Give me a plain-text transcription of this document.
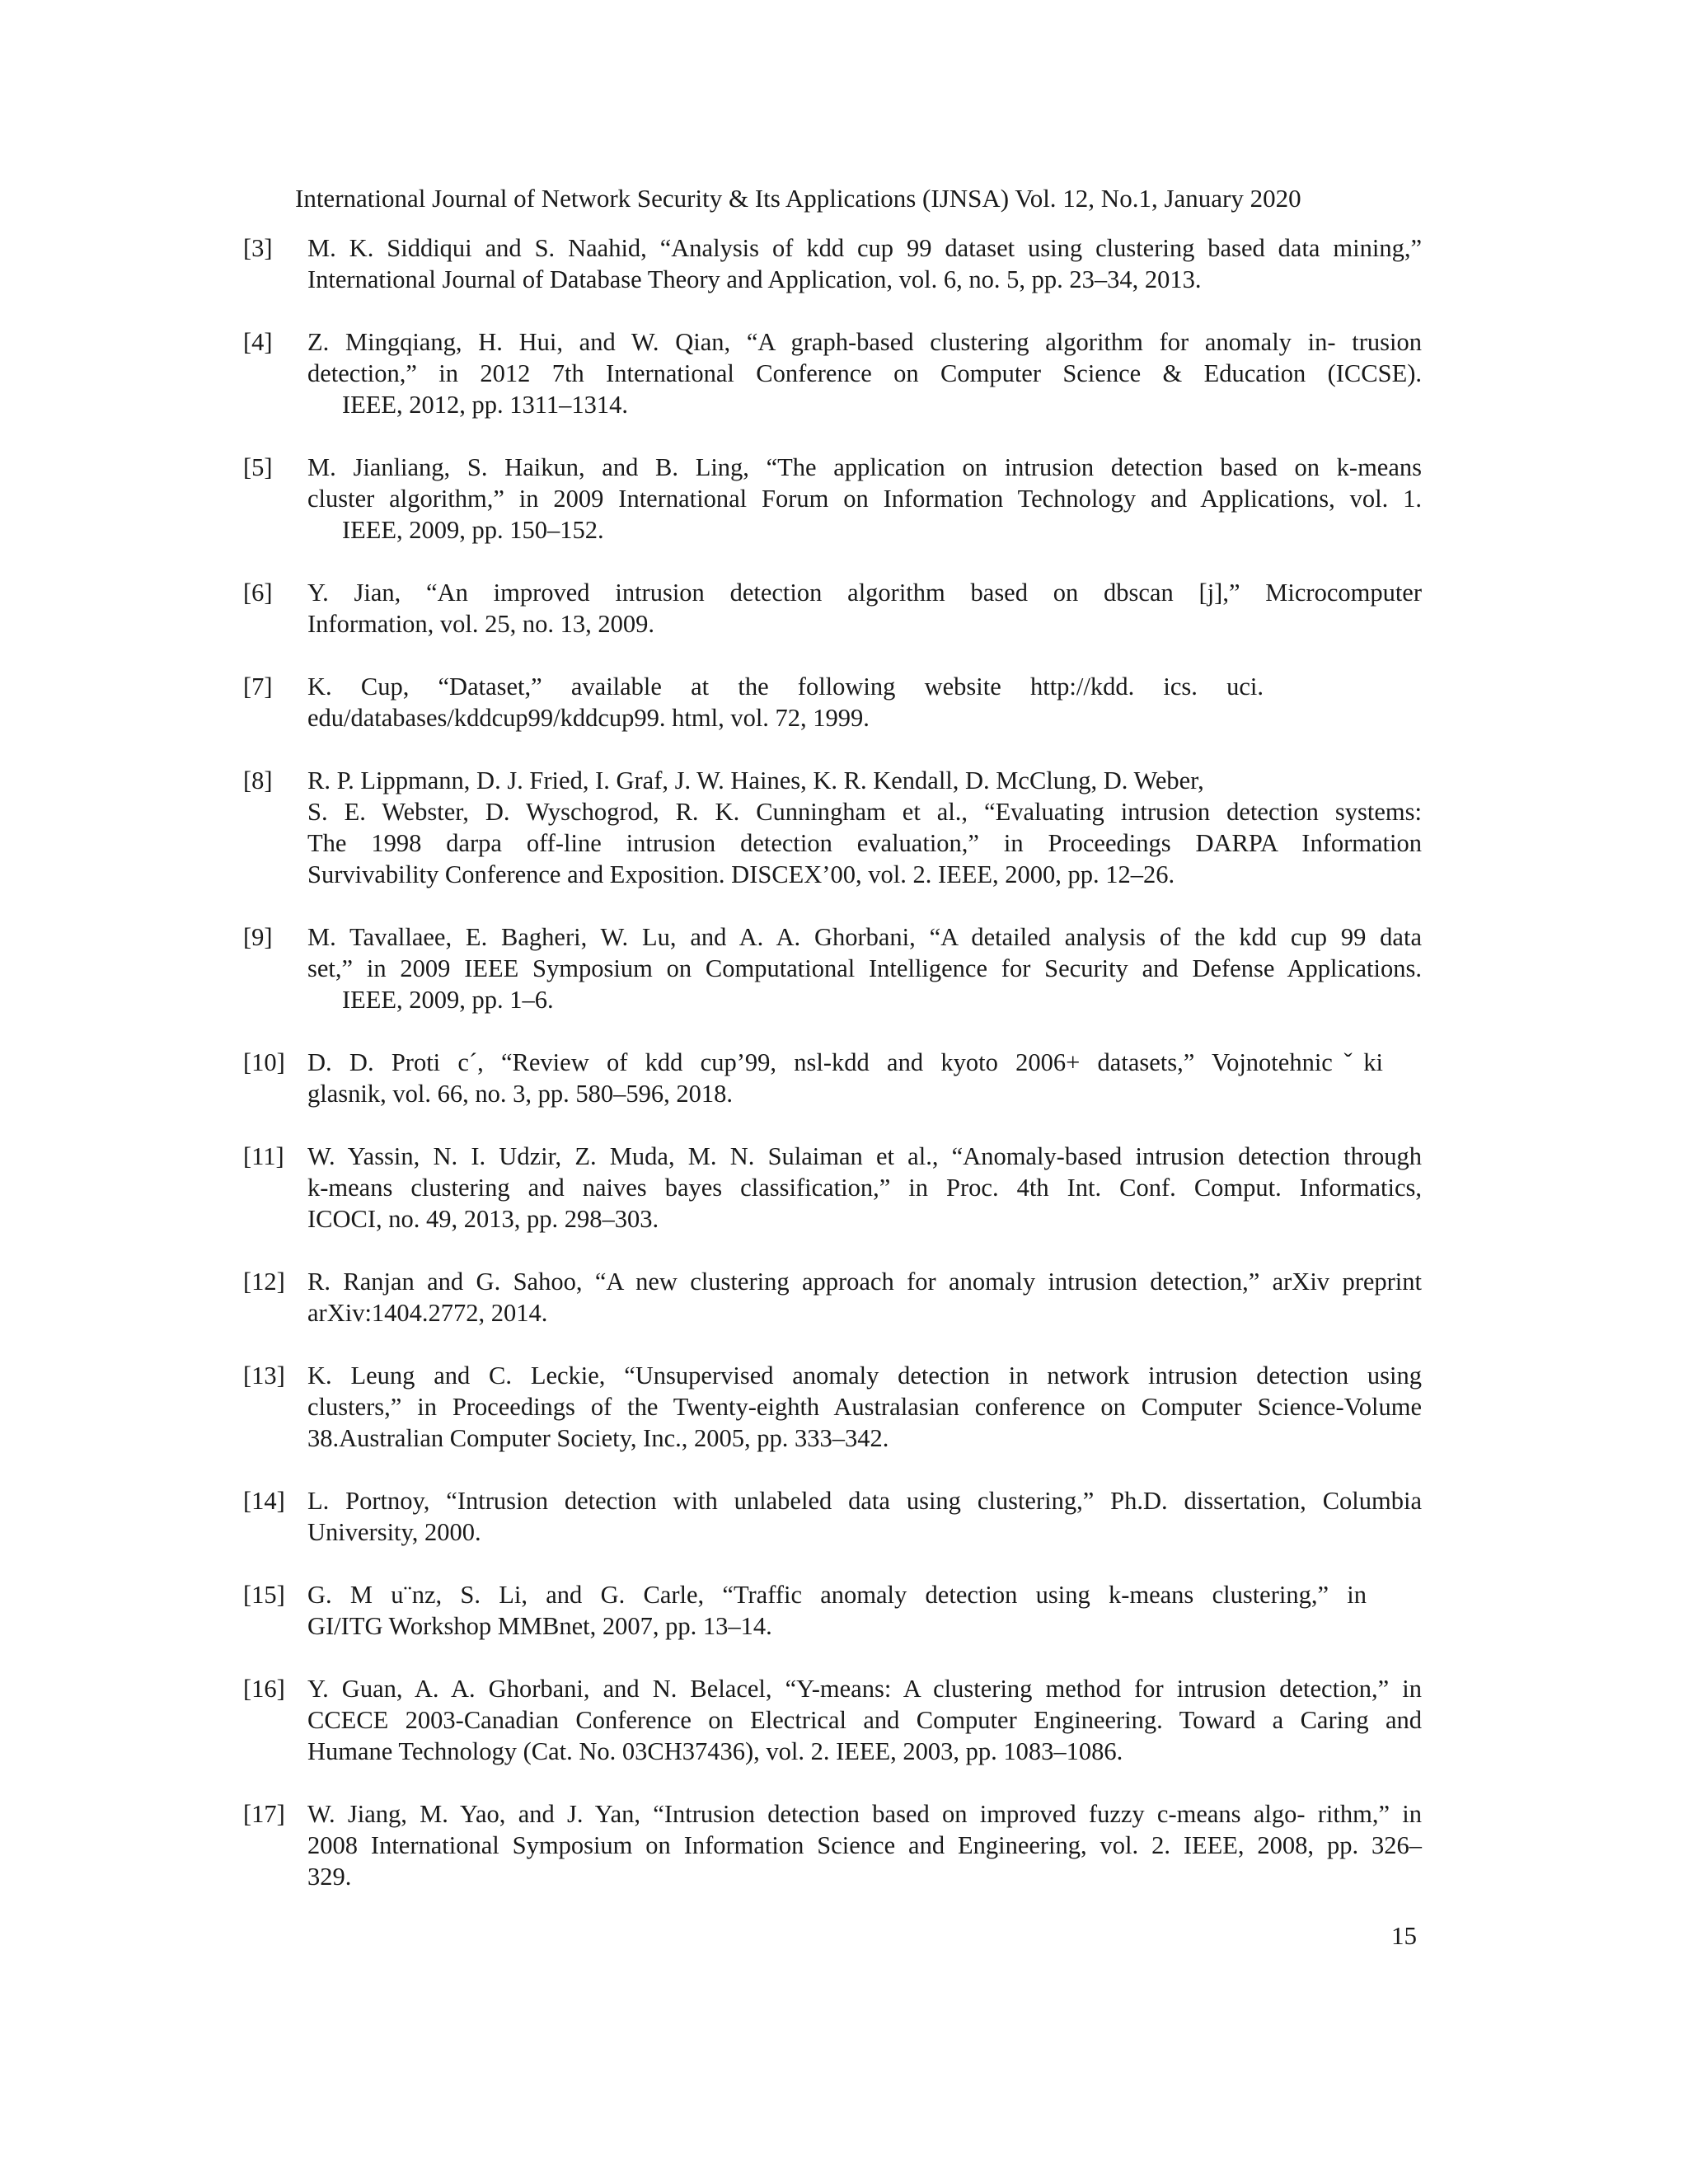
International Journal of Network Security & Its Applications (IJNSA) Vol. 12, No.1, January 2020
[3]	M. K. Siddiqui and S. Naahid, “Analysis of kdd cup 99 dataset using clustering based data mining,”
International Journal of Database Theory and Application, vol. 6, no. 5, pp. 23–34, 2013.
[4]	Z. Mingqiang, H. Hui, and W. Qian, “A graph-based clustering algorithm for anomaly in- trusion
detection,” in 2012 7th International Conference on Computer Science & Education (ICCSE).
IEEE, 2012, pp. 1311–1314.
[5]	M. Jianliang, S. Haikun, and B. Ling, “The application on intrusion detection based on k-means
cluster algorithm,” in 2009 International Forum on Information Technology and Applications, vol. 1.
IEEE, 2009, pp. 150–152.
[6]	Y. Jian, “An improved intrusion detection algorithm based on dbscan [j],” Microcomputer
Information, vol. 25, no. 13, 2009.
[7]	K. Cup, “Dataset,” available at the following website http://kdd. ics. uci.
edu/databases/kddcup99/kddcup99. html, vol. 72, 1999.
[8]	R. P. Lippmann, D. J. Fried, I. Graf, J. W. Haines, K. R. Kendall, D. McClung, D. Weber,
S. E. Webster, D. Wyschogrod, R. K. Cunningham et al., “Evaluating intrusion detection systems:
The 1998 darpa off-line intrusion detection evaluation,” in Proceedings DARPA Information
Survivability Conference and Exposition. DISCEX’00, vol. 2. IEEE, 2000, pp. 12–26.
[9]	M. Tavallaee, E. Bagheri, W. Lu, and A. A. Ghorbani, “A detailed analysis of the kdd cup 99 data
set,” in 2009 IEEE Symposium on Computational Intelligence for Security and Defense Applications.
IEEE, 2009, pp. 1–6.
[10] D. D. Proti c´, “Review of kdd cup’99, nsl-kdd and kyoto 2006+ datasets,” Vojnotehnicˇki
glasnik, vol. 66, no. 3, pp. 580–596, 2018.
[11] W. Yassin, N. I. Udzir, Z. Muda, M. N. Sulaiman et al., “Anomaly-based intrusion detection through
k-means clustering and naives bayes classification,” in Proc. 4th Int. Conf. Comput. Informatics,
ICOCI, no. 49, 2013, pp. 298–303.
[12] R. Ranjan and G. Sahoo, “A new clustering approach for anomaly intrusion detection,” arXiv preprint
arXiv:1404.2772, 2014.
[13] K. Leung and C. Leckie, “Unsupervised anomaly detection in network intrusion detection using
clusters,” in Proceedings of the Twenty-eighth Australasian conference on Computer Science-Volume
38.Australian Computer Society, Inc., 2005, pp. 333–342.
[14] L. Portnoy, “Intrusion detection with unlabeled data using clustering,” Ph.D. dissertation, Columbia
University, 2000.
[15] G. M u¨nz, S. Li, and G. Carle, “Traffic anomaly detection using k-means clustering,” in
GI/ITG Workshop MMBnet, 2007, pp. 13–14.
[16] Y. Guan, A. A. Ghorbani, and N. Belacel, “Y-means: A clustering method for intrusion detection,” in
CCECE 2003-Canadian Conference on Electrical and Computer Engineering. Toward a Caring and
Humane Technology (Cat. No. 03CH37436), vol. 2. IEEE, 2003, pp. 1083–1086.
[17] W. Jiang, M. Yao, and J. Yan, “Intrusion detection based on improved fuzzy c-means algo- rithm,” in
2008 International Symposium on Information Science and Engineering, vol. 2. IEEE, 2008, pp. 326–
329.
15
